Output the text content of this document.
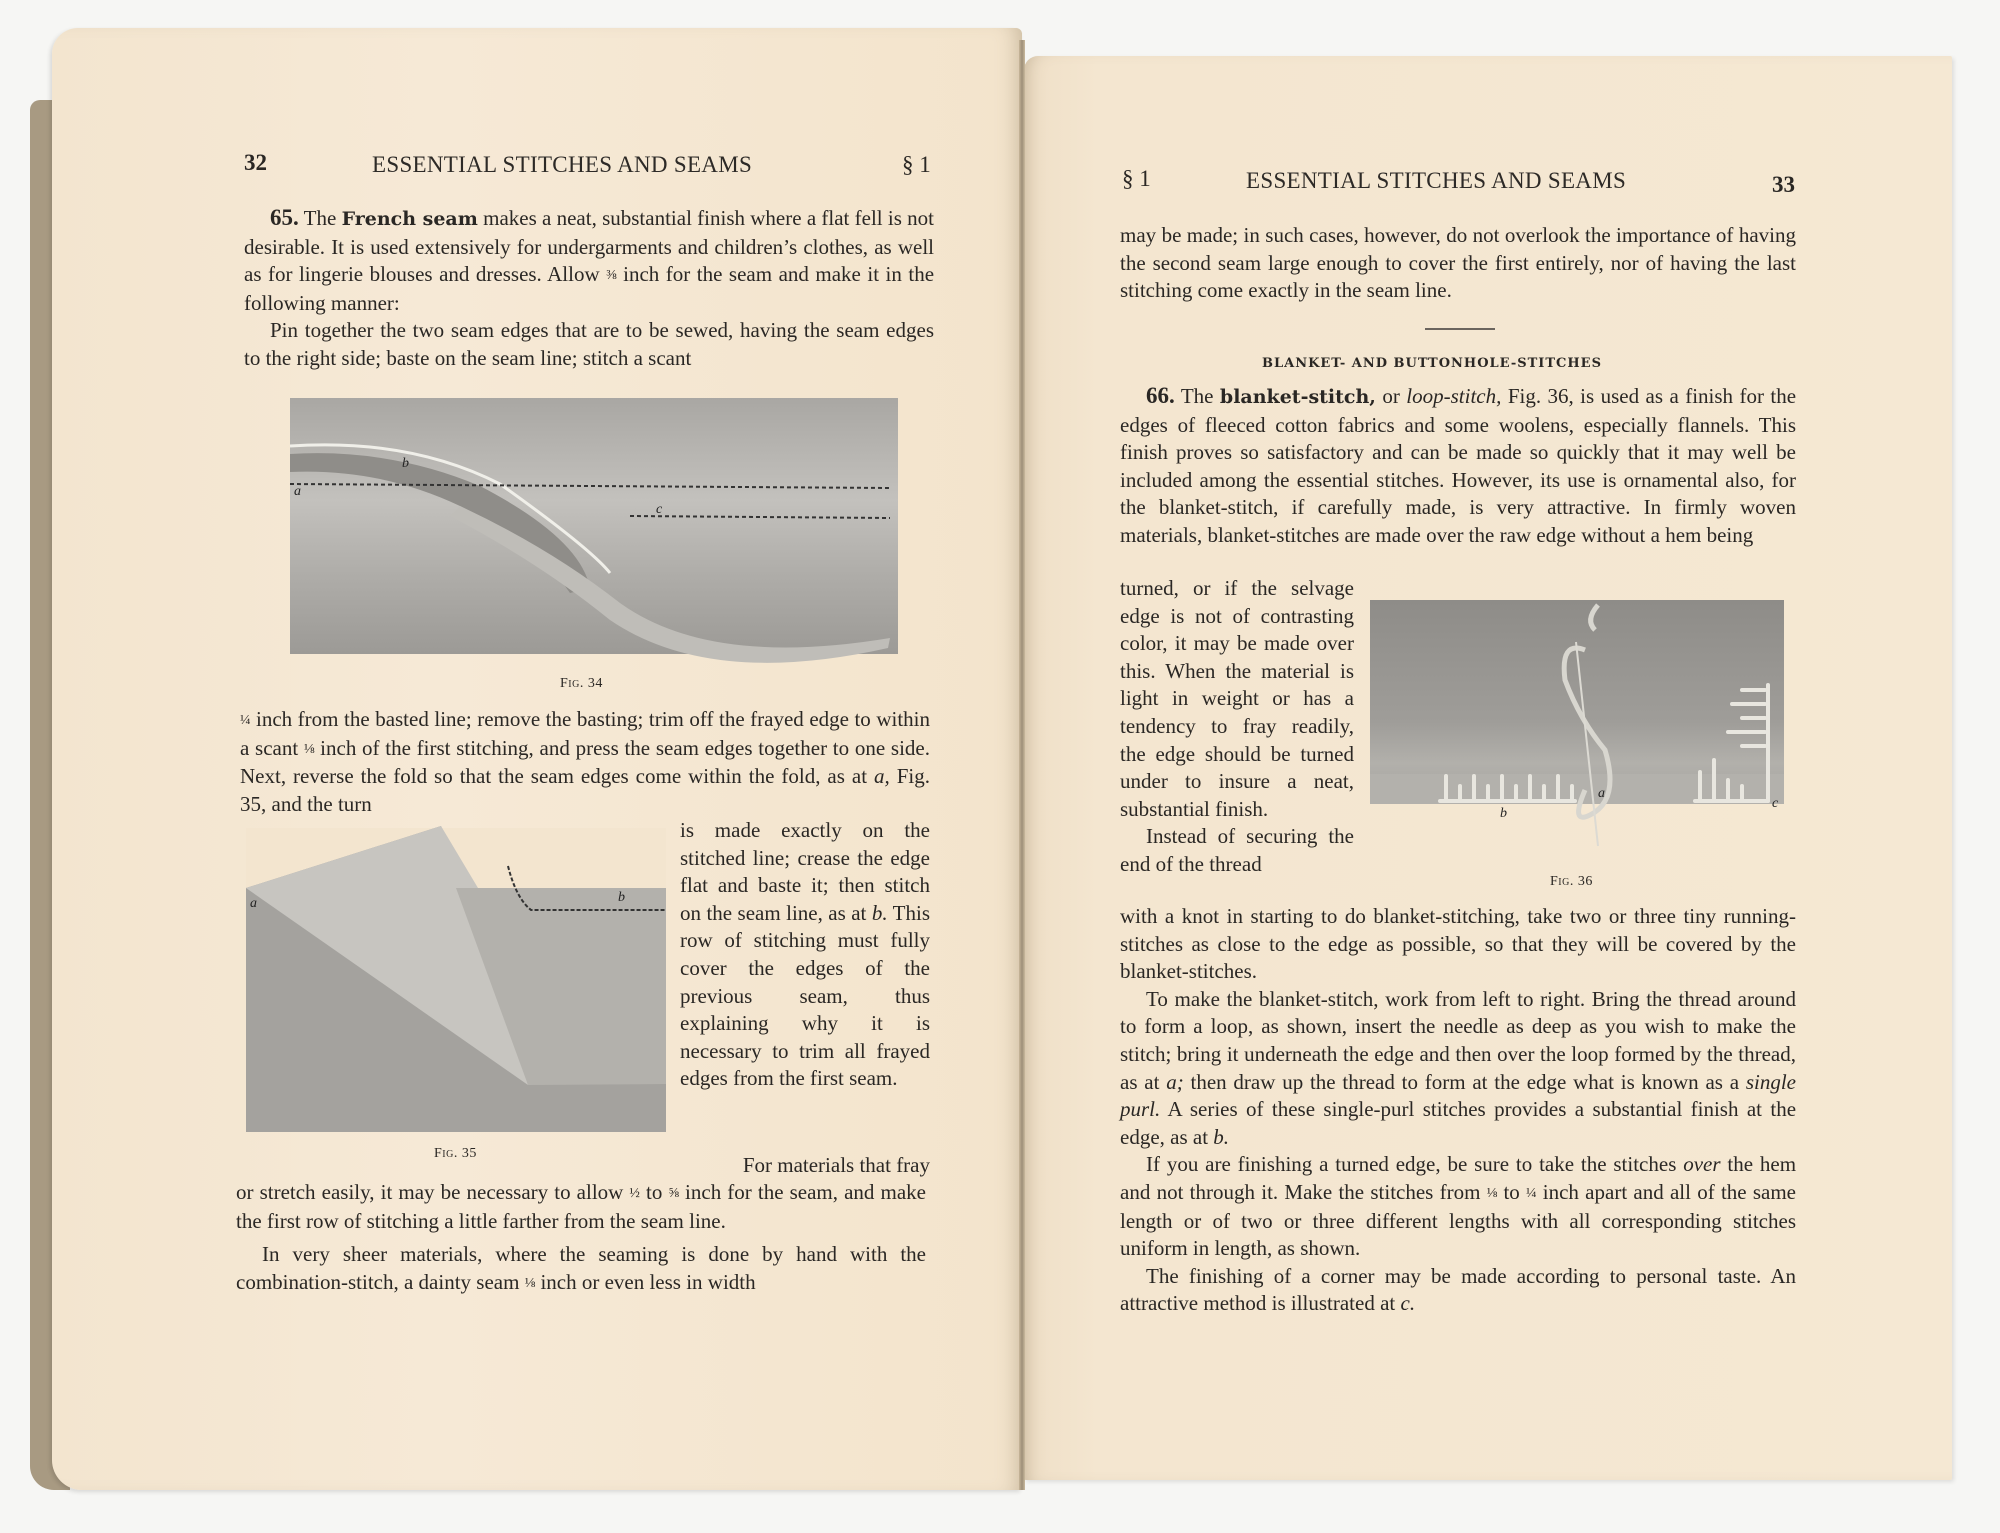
32	ESSENTIAL STITCHES AND SEAMS	§ 1

65. The French seam makes a neat, substantial finish where a flat fell is not desirable. It is used extensively for undergarments and children’s clothes, as well as for lingerie blouses and dresses. Allow ⅜ inch for the seam and make it in the following manner:

Pin together the two seam edges that are to be sewed, having the seam edges to the right side; baste on the seam line; stitch a scant

a
b
c
Fig. 34

¼ inch from the basted line; remove the basting; trim off the frayed edge to within a scant ⅛ inch of the first stitching, and press the seam edges together to one side. Next, reverse the fold so that the seam edges come within the fold, as at a, Fig. 35, and the turn

is made exactly on the stitched line; crease the edge flat and baste it; then stitch on the seam line, as at b. This row of stitching must fully cover the edges of the previous seam, thus explaining why it is necessary to trim all frayed edges from the first seam.

a	b
Fig. 35	For materials that fray

or stretch easily, it may be necessary to allow ½ to ⅝ inch for the seam, and make the first row of stitching a little farther from the seam line.

In very sheer materials, where the seaming is done by hand with the combination-stitch, a dainty seam ⅛ inch or even less in width

§ 1	ESSENTIAL STITCHES AND SEAMS	33
may be made; in such cases, however, do not overlook the importance of having the second seam large enough to cover the first entirely, nor of having the last stitching come exactly in the seam line.
BLANKET- AND BUTTONHOLE-STITCHES

66. The blanket-stitch, or loop-stitch, Fig. 36, is used as a finish for the edges of fleeced cotton fabrics and some woolens, especially flannels. This finish proves so satisfactory and can be made so quickly that it may well be included among the essential stitches. However, its use is ornamental also, for the blanket-stitch, if carefully made, is very attractive. In firmly woven materials, blanket-stitches are made over the raw edge without a hem being

turned, or if the selvage edge is not of contrasting color, it may be made over this. When the material is light in weight or has a tendency to fray readily, the edge should be turned under to insure a neat, substantial finish.

Instead of securing the end of the thread

b
a
c
Fig. 36

with a knot in starting to do blanket-stitching, take two or three tiny running-stitches as close to the edge as possible, so that they will be covered by the blanket-stitches.

To make the blanket-stitch, work from left to right. Bring the thread around to form a loop, as shown, insert the needle as deep as you wish to make the stitch; bring it underneath the edge and then over the loop formed by the thread, as at a; then draw up the thread to form at the edge what is known as a single purl. A series of these single-purl stitches provides a substantial finish at the edge, as at b.

If you are finishing a turned edge, be sure to take the stitches over the hem and not through it. Make the stitches from ⅛ to ¼ inch apart and all of the same length or of two or three different lengths with all corresponding stitches uniform in length, as shown.

The finishing of a corner may be made according to personal taste. An attractive method is illustrated at c.
